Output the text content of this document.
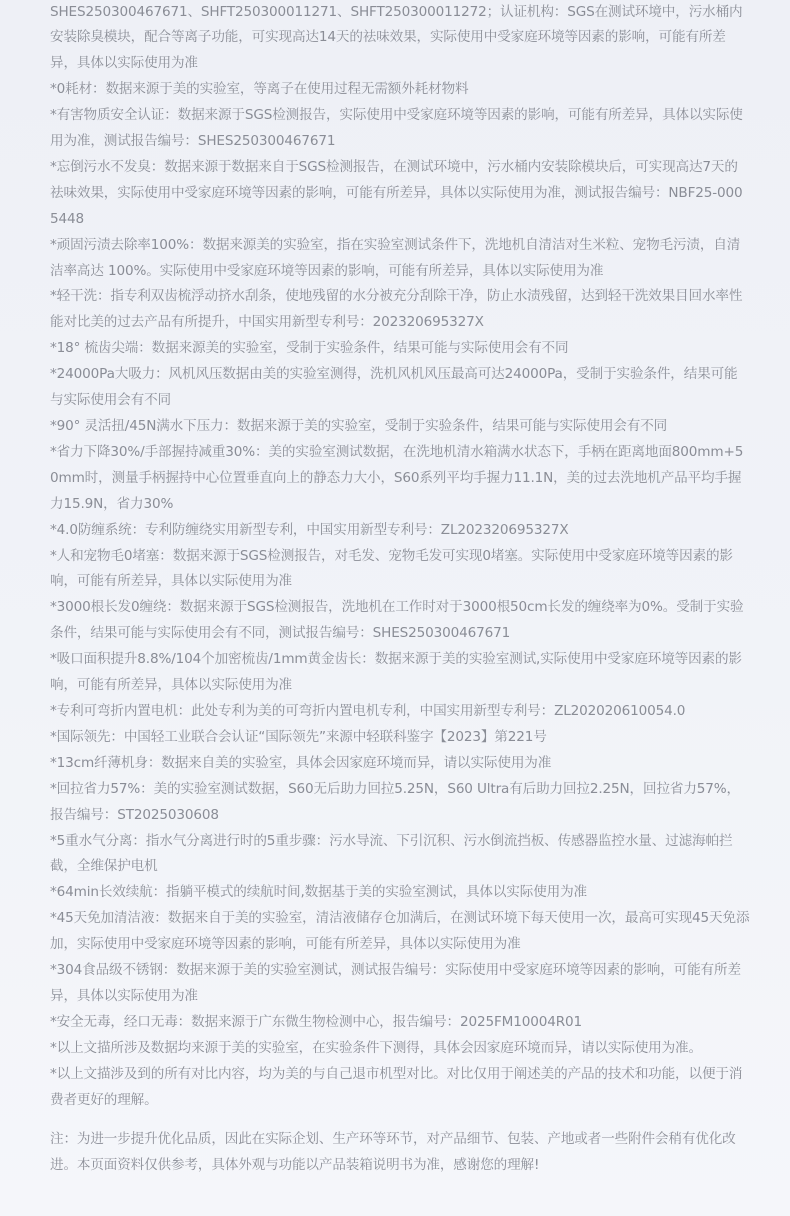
SHES250300467671、SHFT250300011271、SHFT250300011272；认证机构：SGS在测试环境中，污水桶内安装除臭模块，配合等离子功能，可实现高达14天的祛味效果，实际使用中受家庭环境等因素的影响，可能有所差异，具体以实际使用为准

*0耗材：数据来源于美的实验室，等离子在使用过程无需额外耗材物料

*有害物质安全认证：数据来源于SGS检测报告，实际使用中受家庭环境等因素的影响，可能有所差异，具体以实际使用为准，测试报告编号：SHES250300467671

*忘倒污水不发臭：数据来源于数据来自于SGS检测报告，在测试环境中，污水桶内安装除模块后，可实现高达7天的祛味效果，实际使用中受家庭环境等因素的影响，可能有所差异，具体以实际使用为准，测试报告编号：NBF25-0005448

*顽固污渍去除率100%：数据来源美的实验室，指在实验室测试条件下，洗地机自清洁对生米粒、宠物毛污渍，自清洁率高达 100%。实际使用中受家庭环境等因素的影响，可能有所差异，具体以实际使用为准

*轻干洗：指专利双齿梳浮动挤水刮条，使地残留的水分被充分刮除干净，防止水渍残留，达到轻干洗效果目回水率性能对比美的过去产品有所提升，中国实用新型专利号：202320695327X

*18° 梳齿尖端：数据来源美的实验室，受制于实验条件，结果可能与实际使用会有不同

*24000Pa大吸力：风机风压数据由美的实验室测得，洗机风机风压最高可达24000Pa，受制于实验条件，结果可能与实际使用会有不同

*90° 灵活扭/45N满水下压力：数据来源于美的实验室，受制于实验条件，结果可能与实际使用会有不同

*省力下降30%/手部握持减重30%：美的实验室测试数据，在洗地机清水箱满水状态下，手柄在距离地面800mm+50mm时，测量手柄握持中心位置垂直向上的静态力大小，S60系列平均手握力11.1N，美的过去洗地机产品平均手握力15.9N，省力30%

*4.0防缠系统：专利防缠绕实用新型专利，中国实用新型专利号：ZL202320695327X

*人和宠物毛0堵塞：数据来源于SGS检测报告，对毛发、宠物毛发可实现0堵塞。实际使用中受家庭环境等因素的影响，可能有所差异，具体以实际使用为准

*3000根长发0缠绕：数据来源于SGS检测报告，洗地机在工作时对于3000根50cm长发的缠绕率为0%。受制于实验条件，结果可能与实际使用会有不同，测试报告编号：SHES250300467671

*吸口面积提升8.8%/104个加密梳齿/1mm黄金齿长：数据来源于美的实验室测试,实际使用中受家庭环境等因素的影响，可能有所差异，具体以实际使用为准

*专利可弯折内置电机：此处专利为美的可弯折内置电机专利，中国实用新型专利号：ZL202020610054.0

*国际领先：中国轻工业联合会认证“国际领先”来源中轻联科鉴字【2023】第221号

*13cm纤薄机身：数据来自美的实验室，具体会因家庭环境而异，请以实际使用为准

*回拉省力57%：美的实验室测试数据，S60无后助力回拉5.25N，S60 Ultra有后助力回拉2.25N，回拉省力57%，报告编号：ST2025030608

*5重水气分离：指水气分离进行时的5重步骤：污水导流、下引沉积、污水倒流挡板、传感器监控水量、过滤海帕拦截，全维保护电机

*64min长效续航：指躺平模式的续航时间,数据基于美的实验室测试，具体以实际使用为准

*45天免加清洁液：数据来自于美的实验室，清洁液储存仓加满后，在测试环境下每天使用一次，最高可实现45天免添加，实际使用中受家庭环境等因素的影响，可能有所差异，具体以实际使用为准

*304食品级不锈钢：数据来源于美的实验室测试，测试报告编号：实际使用中受家庭环境等因素的影响，可能有所差异，具体以实际使用为准

*安全无毒，经口无毒：数据来源于广东微生物检测中心，报告编号：2025FM10004R01

*以上文描所涉及数据均来源于美的实验室，在实验条件下测得，具体会因家庭环境而异，请以实际使用为准。

*以上文描涉及到的所有对比内容，均为美的与自己退市机型对比。对比仅用于阐述美的产品的技术和功能，以便于消费者更好的理解。

注：为进一步提升优化品质，因此在实际企划、生产环等环节，对产品细节、包装、产地或者一些附件会稍有优化改进。本页面资料仅供参考，具体外观与功能以产品装箱说明书为准，感谢您的理解!
